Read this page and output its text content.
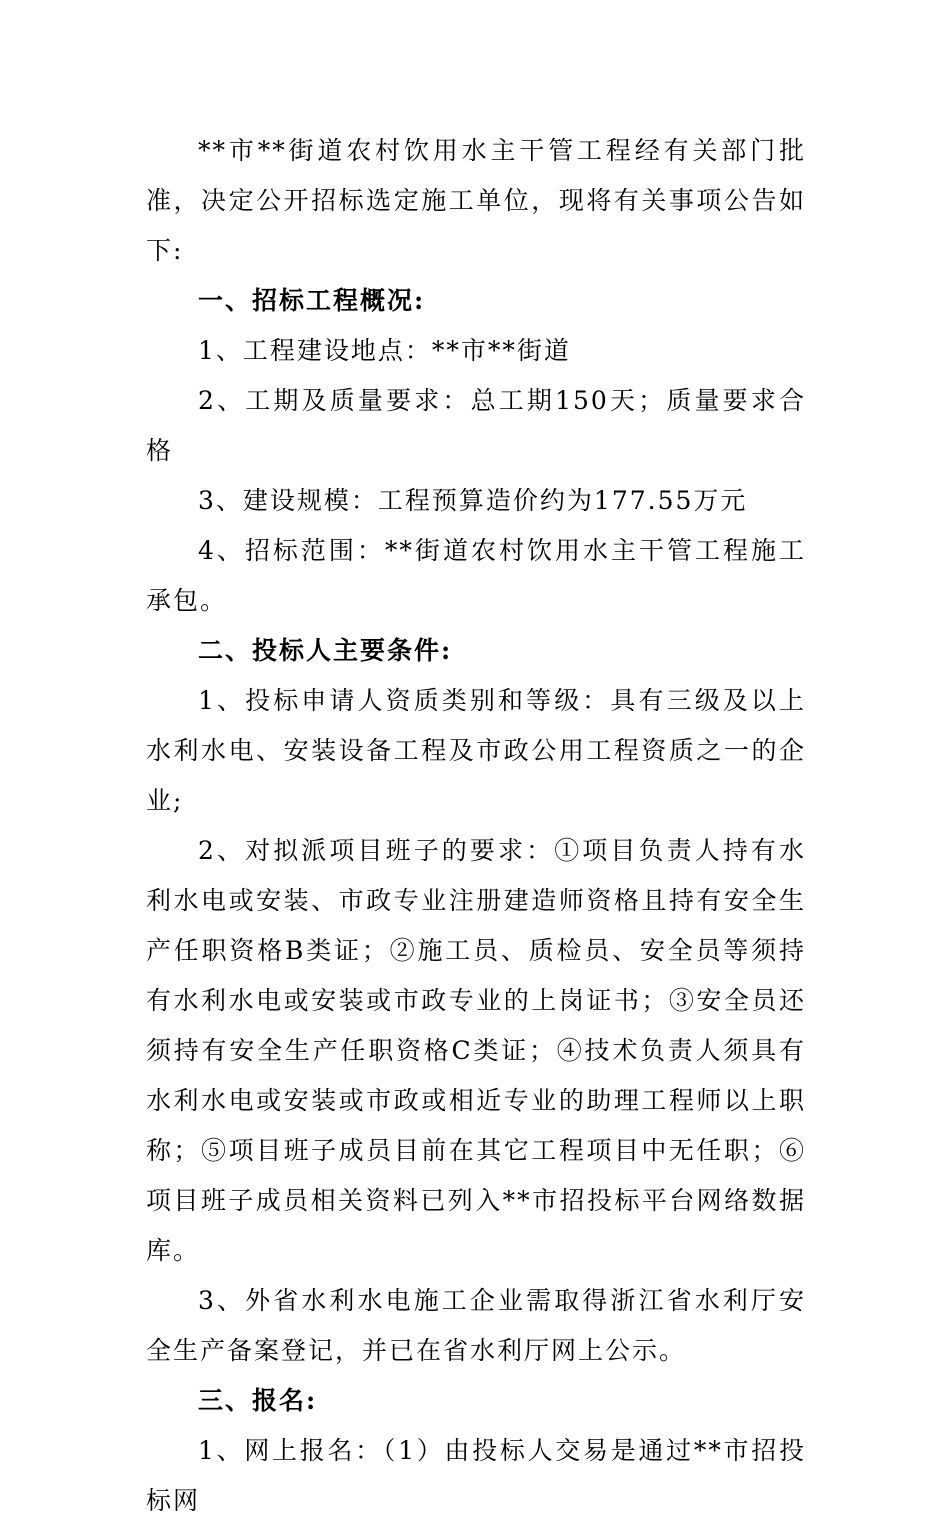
**市**街道农村饮用水主干管工程经有关部门批准，决定公开招标选定施工单位，现将有关事项公告如下:

一、招标工程概况:

1、工程建设地点：**市**街道

2、工期及质量要求：总工期150天；质量要求合格

3、建设规模：工程预算造价约为177.55万元

4、招标范围：**街道农村饮用水主干管工程施工承包。

二、投标人主要条件:

1、投标申请人资质类别和等级：具有三级及以上水利水电、安装设备工程及市政公用工程资质之一的企业;

2、对拟派项目班子的要求：①项目负责人持有水利水电或安装、市政专业注册建造师资格且持有安全生产任职资格B类证；②施工员、质检员、安全员等须持有水利水电或安装或市政专业的上岗证书；③安全员还须持有安全生产任职资格C类证；④技术负责人须具有水利水电或安装或市政或相近专业的助理工程师以上职称；⑤项目班子成员目前在其它工程项目中无任职；⑥项目班子成员相关资料已列入**市招投标平台网络数据库。

3、外省水利水电施工企业需取得浙江省水利厅安全生产备案登记，并已在省水利厅网上公示。

三、报名:

1、网上报名：（1）由投标人交易是通过**市招投标网
